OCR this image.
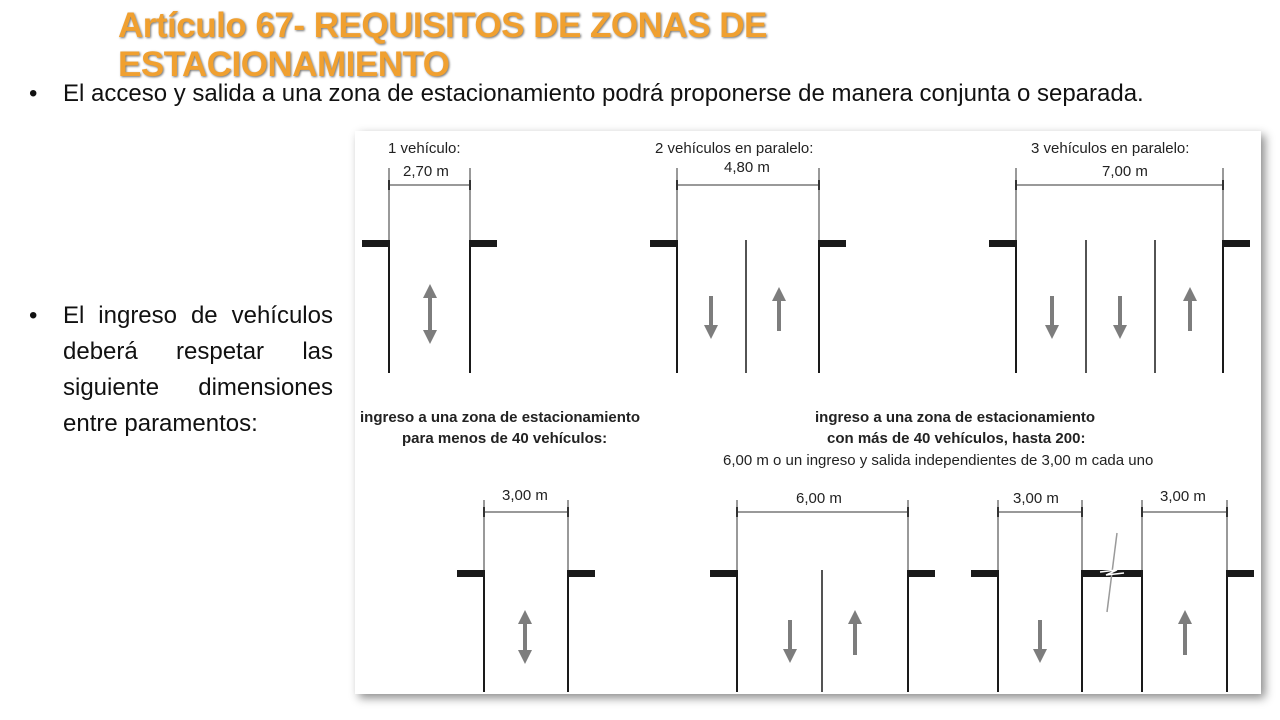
Artículo 67- REQUISITOS DE ZONAS DE ESTACIONAMIENTO

• El acceso y salida a una zona de estacionamiento podrá proponerse de manera conjunta o separada.

• El ingreso de vehículos deberá respetar las siguiente dimensiones entre paramentos:

1 vehículo:
2,70 m
2 vehículos en paralelo:
4,80 m
3 vehículos en paralelo:
7,00 m
ingreso a una zona de estacionamiento
para menos de 40 vehículos:
ingreso a una zona de estacionamiento
con más de 40 vehículos, hasta 200:
6,00 m o un ingreso y salida independientes de 3,00 m cada uno
3,00 m	6,00 m	3,00 m	3,00 m
